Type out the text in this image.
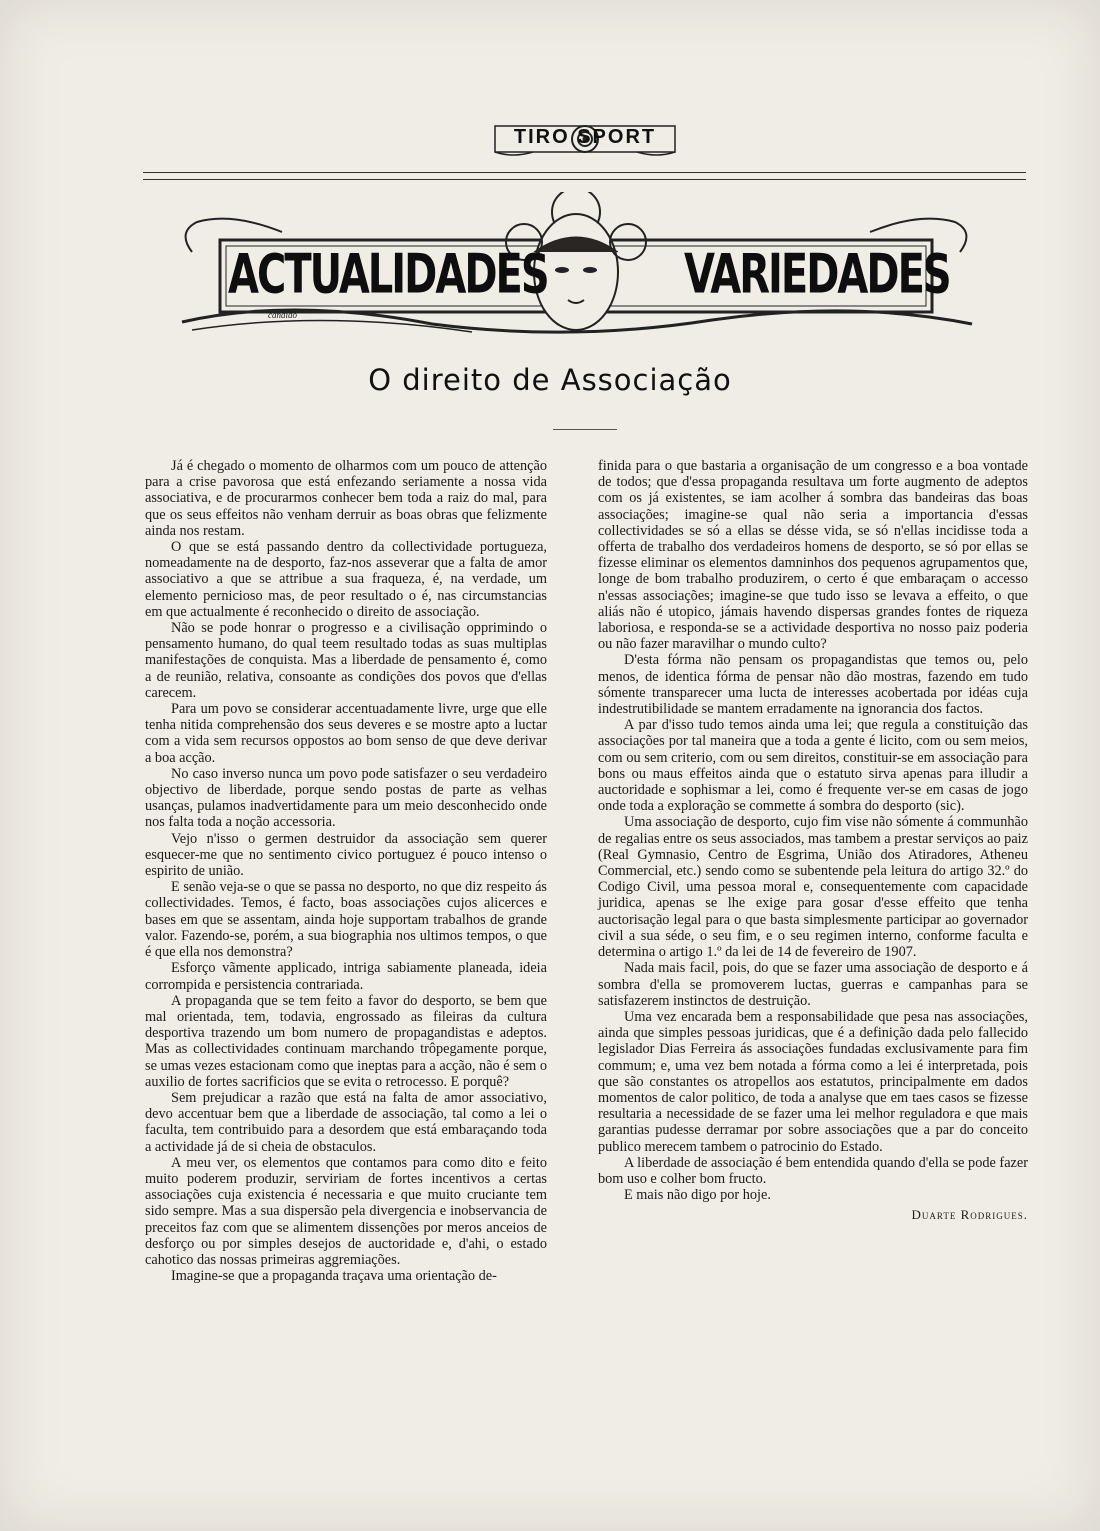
TIRO SPORT
ACTUALIDADES	VARIEDADES
cândido
O direito de Associação

Já é chegado o momento de olharmos com um pouco de attenção para a crise pavorosa que está enfezando seriamente a nossa vida associativa, e de procurarmos conhecer bem toda a raiz do mal, para que os seus effeitos não venham derruir as boas obras que felizmente ainda nos restam.

O que se está passando dentro da collectividade portugueza, nomeadamente na de desporto, faz-nos asseverar que a falta de amor associativo a que se attribue a sua fraqueza, é, na verdade, um elemento pernicioso mas, de peor resultado o é, nas circumstancias em que actualmente é reconhecido o direito de associação.

Não se pode honrar o progresso e a civilisação opprimindo o pensamento humano, do qual teem resultado todas as suas multiplas manifestações de conquista. Mas a liberdade de pensamento é, como a de reunião, relativa, consoante as condições dos povos que d'ellas carecem.

Para um povo se considerar accentuadamente livre, urge que elle tenha nitida comprehensão dos seus deveres e se mostre apto a luctar com a vida sem recursos oppostos ao bom senso de que deve derivar a boa acção.

No caso inverso nunca um povo pode satisfazer o seu verdadeiro objectivo de liberdade, porque sendo postas de parte as velhas usanças, pulamos inadvertidamente para um meio desconhecido onde nos falta toda a noção accessoria.

Vejo n'isso o germen destruidor da associação sem querer esquecer-me que no sentimento civico portuguez é pouco intenso o espirito de união.

E senão veja-se o que se passa no desporto, no que diz respeito ás collectividades. Temos, é facto, boas associações cujos alicerces e bases em que se assentam, ainda hoje supportam trabalhos de grande valor. Fazendo-se, porém, a sua biographia nos ultimos tempos, o que é que ella nos demonstra?

Esforço vãmente applicado, intriga sabiamente planeada, ideia corrompida e persistencia contrariada.

A propaganda que se tem feito a favor do desporto, se bem que mal orientada, tem, todavia, engrossado as fileiras da cultura desportiva trazendo um bom numero de propagandistas e adeptos. Mas as collectividades continuam marchando trôpegamente porque, se umas vezes estacionam como que ineptas para a acção, não é sem o auxilio de fortes sacrificios que se evita o retrocesso. E porquê?

Sem prejudicar a razão que está na falta de amor associativo, devo accentuar bem que a liberdade de associação, tal como a lei o faculta, tem contribuido para a desordem que está embaraçando toda a actividade já de si cheia de obstaculos.

A meu ver, os elementos que contamos para como dito e feito muito poderem produzir, serviriam de fortes incentivos a certas associações cuja existencia é necessaria e que muito cruciante tem sido sempre. Mas a sua dispersão pela divergencia e inobservancia de preceitos faz com que se alimentem dissenções por meros anceios de desforço ou por simples desejos de auctoridade e, d'ahi, o estado cahotico das nossas primeiras aggremiações.

Imagine-se que a propaganda traçava uma orientação de-

finida para o que bastaria a organisação de um congresso e a boa vontade de todos; que d'essa propaganda resultava um forte augmento de adeptos com os já existentes, se iam acolher á sombra das bandeiras das boas associações; imagine-se qual não seria a importancia d'essas collectividades se só a ellas se désse vida, se só n'ellas incidisse toda a offerta de trabalho dos verdadeiros homens de desporto, se só por ellas se fizesse eliminar os elementos damninhos dos pequenos agrupamentos que, longe de bom trabalho produzirem, o certo é que embaraçam o accesso n'essas associações; imagine-se que tudo isso se levava a effeito, o que aliás não é utopico, jámais havendo dispersas grandes fontes de riqueza laboriosa, e responda-se se a actividade desportiva no nosso paiz poderia ou não fazer maravilhar o mundo culto?

D'esta fórma não pensam os propagandistas que temos ou, pelo menos, de identica fórma de pensar não dão mostras, fazendo em tudo sómente transparecer uma lucta de interesses acobertada por idéas cuja indestrutibilidade se mantem erradamente na ignorancia dos factos.

A par d'isso tudo temos ainda uma lei; que regula a constituição das associações por tal maneira que a toda a gente é licito, com ou sem meios, com ou sem criterio, com ou sem direitos, constituir-se em associação para bons ou maus effeitos ainda que o estatuto sirva apenas para illudir a auctoridade e sophismar a lei, como é frequente ver-se em casas de jogo onde toda a exploração se commette á sombra do desporto (sic).

Uma associação de desporto, cujo fim vise não sómente á communhão de regalias entre os seus associados, mas tambem a prestar serviços ao paiz (Real Gymnasio, Centro de Esgrima, União dos Atiradores, Atheneu Commercial, etc.) sendo como se subentende pela leitura do artigo 32.º do Codigo Civil, uma pessoa moral e, consequentemente com capacidade juridica, apenas se lhe exige para gosar d'esse effeito que tenha auctorisação legal para o que basta simplesmente participar ao governador civil a sua séde, o seu fim, e o seu regimen interno, conforme faculta e determina o artigo 1.º da lei de 14 de fevereiro de 1907.

Nada mais facil, pois, do que se fazer uma associação de desporto e á sombra d'ella se promoverem luctas, guerras e campanhas para se satisfazerem instinctos de destruição.

Uma vez encarada bem a responsabilidade que pesa nas associações, ainda que simples pessoas juridicas, que é a definição dada pelo fallecido legislador Dias Ferreira ás associações fundadas exclusivamente para fim commum; e, uma vez bem notada a fórma como a lei é interpretada, pois que são constantes os atropellos aos estatutos, principalmente em dados momentos de calor politico, de toda a analyse que em taes casos se fizesse resultaria a necessidade de se fazer uma lei melhor reguladora e que mais garantias pudesse derramar por sobre associações que a par do conceito publico merecem tambem o patrocinio do Estado.

A liberdade de associação é bem entendida quando d'ella se pode fazer bom uso e colher bom fructo.

E mais não digo por hoje.

Duarte Rodrigues.
